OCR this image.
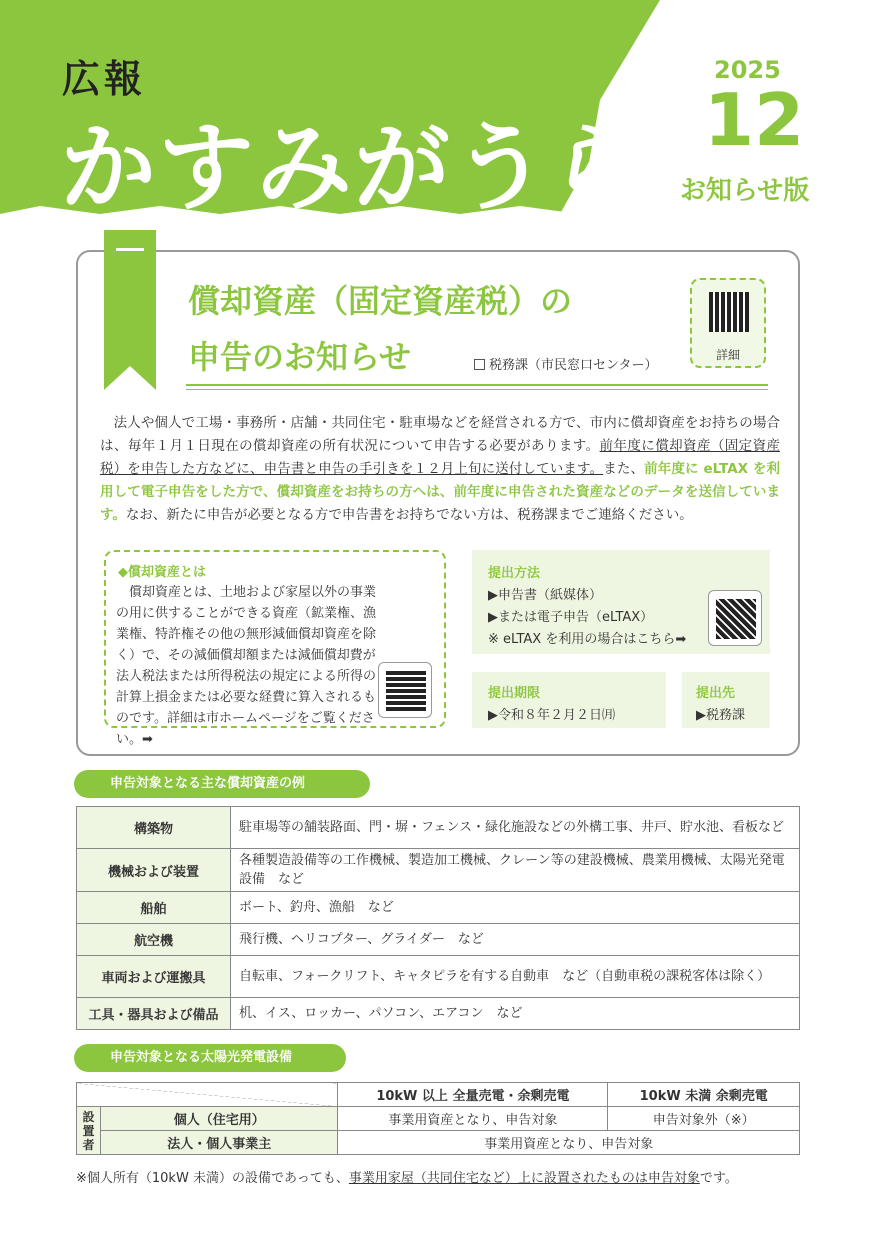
広報
かすみがうら
2025
12
お知らせ版
償却資産（固定資産税）の
申告のお知らせ	税務課（市民窓口センター）
詳細
　法人や個人で工場・事務所・店舗・共同住宅・駐車場などを経営される方で、市内に償却資産をお持ちの場合は、毎年１月１日現在の償却資産の所有状況について申告する必要があります。前年度に償却資産（固定資産税）を申告した方などに、申告書と申告の手引きを１２月上旬に送付しています。また、前年度に eLTAX を利用して電子申告をした方で、償却資産をお持ちの方へは、前年度に申告された資産などのデータを送信しています。なお、新たに申告が必要となる方で申告書をお持ちでない方は、税務課までご連絡ください。
◆償却資産とは
　償却資産とは、土地および家屋以外の事業の用に供することができる資産（鉱業権、漁業権、特許権その他の無形減価償却資産を除く）で、その減価償却額または減価償却費が法人税法または所得税法の規定による所得の計算上損金または必要な経費に算入されるものです。詳細は市ホームページをご覧ください。➡
提出方法
▶申告書（紙媒体）
▶または電子申告（eLTAX）
※ eLTAX を利用の場合はこちら➡
提出期限
▶令和８年２月２日㈪
提出先
▶税務課
申告対象となる主な償却資産の例
構築物	駐車場等の舗装路面、門・塀・フェンス・緑化施設などの外構工事、井戸、貯水池、看板など
機械および装置	各種製造設備等の工作機械、製造加工機械、クレーン等の建設機械、農業用機械、太陽光発電設備　など
船舶	ボート、釣舟、漁船　など
航空機	飛行機、ヘリコプター、グライダー　など
車両および運搬具	自転車、フォークリフト、キャタピラを有する自動車　など（自動車税の課税客体は除く）
工具・器具および備品	机、イス、ロッカー、パソコン、エアコン　など
申告対象となる太陽光発電設備
		10kW 以上 全量売電・余剰売電	10kW 未満 余剰売電
設置者	個人（住宅用）	事業用資産となり、申告対象	申告対象外（※）
	法人・個人事業主	事業用資産となり、申告対象	
※個人所有（10kW 未満）の設備であっても、事業用家屋（共同住宅など）上に設置されたものは申告対象です。
